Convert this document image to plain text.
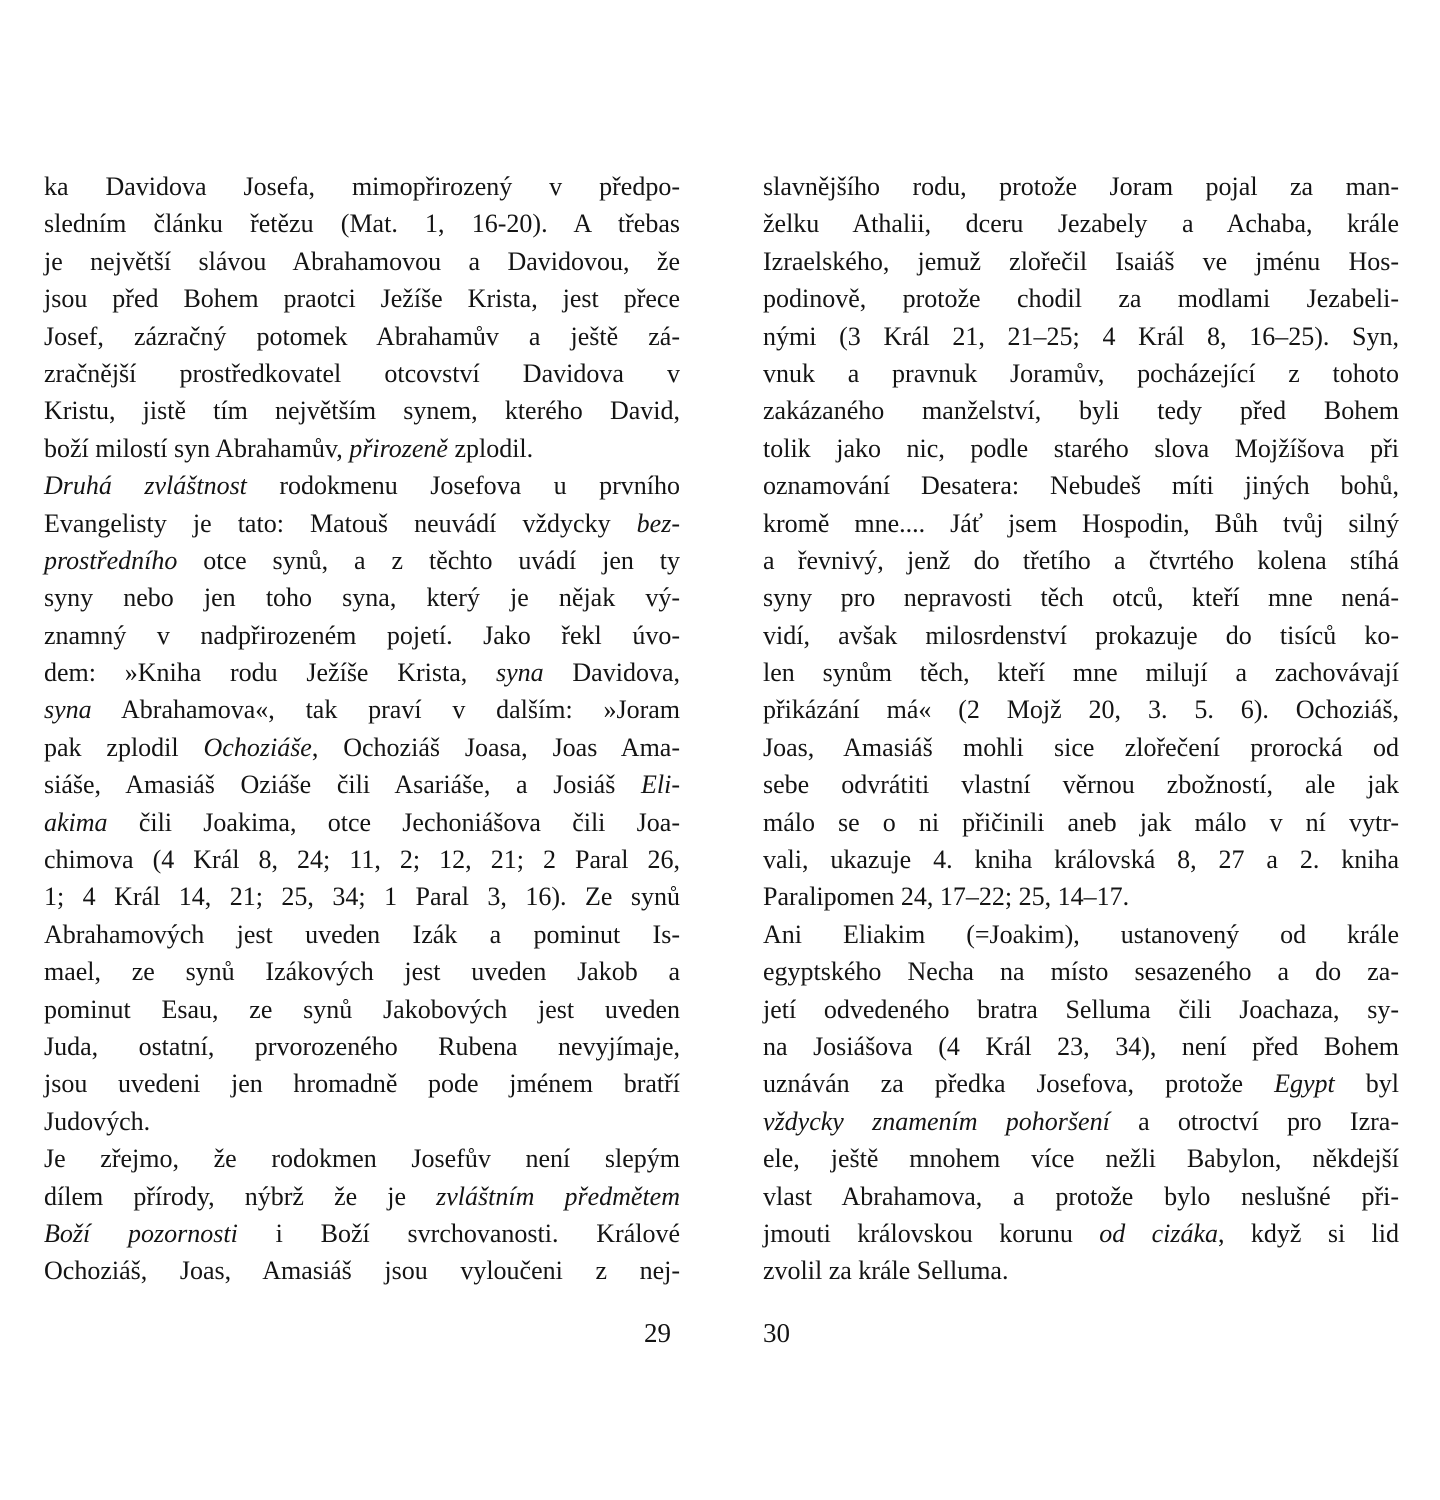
ka Davidova Josefa, mimopřirozený v předpo-
sledním článku řetězu (Mat. 1, 16-20). A třebas
je největší slávou Abrahamovou a Davidovou, že
jsou před Bohem praotci Ježíše Krista, jest přece
Josef, zázračný potomek Abrahamův a ještě zá-
zračnější prostředkovatel otcovství Davidova v
Kristu, jistě tím největším synem, kterého David,
boží milostí syn Abrahamův, přirozeně zplodil.
Druhá zvláštnost rodokmenu Josefova u prvního
Evangelisty je tato: Matouš neuvádí vždycky bez-
prostředního otce synů, a z těchto uvádí jen ty
syny nebo jen toho syna, který je nějak vý-
znamný v nadpřirozeném pojetí. Jako řekl úvo-
dem: »Kniha rodu Ježíše Krista, syna Davidova,
syna Abrahamova«, tak praví v dalším: »Joram
pak zplodil Ochoziáše, Ochoziáš Joasa, Joas Ama-
siáše, Amasiáš Oziáše čili Asariáše, a Josiáš Eli-
akima čili Joakima, otce Jechoniášova čili Joa-
chimova (4 Král 8, 24; 11, 2; 12, 21; 2 Paral 26,
1; 4 Král 14, 21; 25, 34; 1 Paral 3, 16). Ze synů
Abrahamových jest uveden Izák a pominut Is-
mael, ze synů Izákových jest uveden Jakob a
pominut Esau, ze synů Jakobových jest uveden
Juda, ostatní, prvorozeného Rubena nevyjímaje,
jsou uvedeni jen hromadně pode jménem bratří
Judových.
Je zřejmo, že rodokmen Josefův není slepým
dílem přírody, nýbrž že je zvláštním předmětem
Boží pozornosti i Boží svrchovanosti. Králové
Ochoziáš, Joas, Amasiáš jsou vyloučeni z nej-
slavnějšího rodu, protože Joram pojal za man-
želku Athalii, dceru Jezabely a Achaba, krále
Izraelského, jemuž zlořečil Isaiáš ve jménu Hos-
podinově, protože chodil za modlami Jezabeli-
nými (3 Král 21, 21–25; 4 Král 8, 16–25). Syn,
vnuk a pravnuk Joramův, pocházející z tohoto
zakázaného manželství, byli tedy před Bohem
tolik jako nic, podle starého slova Mojžíšova při
oznamování Desatera: Nebudeš míti jiných bohů,
kromě mne.... Jáť jsem Hospodin, Bůh tvůj silný
a řevnivý, jenž do třetího a čtvrtého kolena stíhá
syny pro nepravosti těch otců, kteří mne nená-
vidí, avšak milosrdenství prokazuje do tisíců ko-
len synům těch, kteří mne milují a zachovávají
přikázání má« (2 Mojž 20, 3. 5. 6). Ochoziáš,
Joas, Amasiáš mohli sice zlořečení prorocká od
sebe odvrátiti vlastní věrnou zbožností, ale jak
málo se o ni přičinili aneb jak málo v ní vytr-
vali, ukazuje 4. kniha královská 8, 27 a 2. kniha
Paralipomen 24, 17–22; 25, 14–17.
Ani Eliakim (=Joakim), ustanovený od krále
egyptského Necha na místo sesazeného a do za-
jetí odvedeného bratra Selluma čili Joachaza, sy-
na Josiášova (4 Král 23, 34), není před Bohem
uznáván za předka Josefova, protože Egypt byl
vždycky znamením pohoršení a otroctví pro Izra-
ele, ještě mnohem více nežli Babylon, někdejší
vlast Abrahamova, a protože bylo neslušné při-
jmouti královskou korunu od cizáka, když si lid
zvolil za krále Selluma.
29	30
